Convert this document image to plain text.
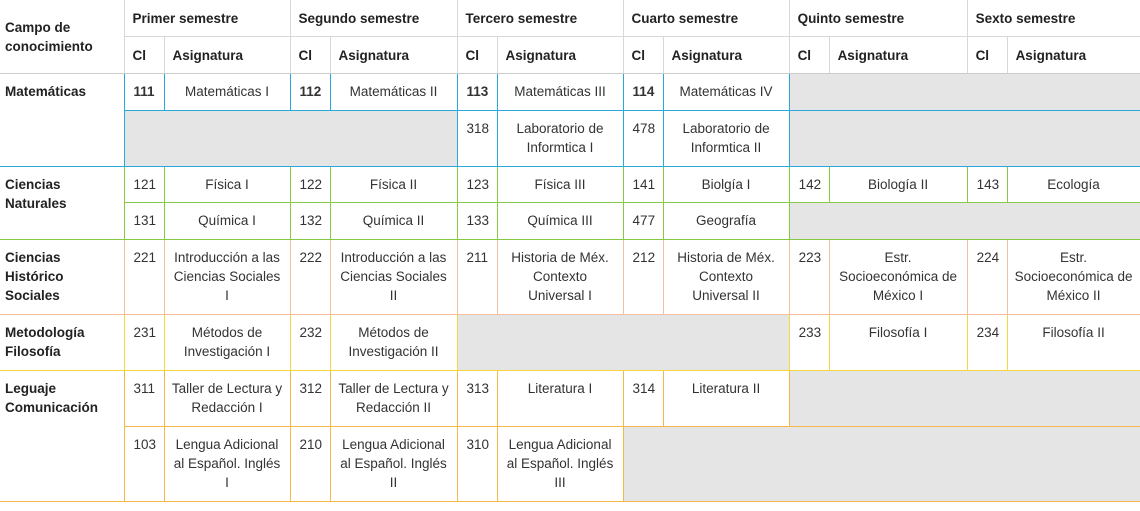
Campo de conocimiento	Primer semestre		Segundo semestre		Tercero semestre		Cuarto semestre		Quinto semestre		Sexto semestre	
	Cl	Asignatura	Cl	Asignatura	Cl	Asignatura	Cl	Asignatura	Cl	Asignatura	Cl	Asignatura
Matemáticas	111	Matemáticas I	112	Matemáticas II	113	Matemáticas III	114	Matemáticas IV				
					318	Laboratorio de Informtica I	478	Laboratorio de Informtica II				
Ciencias Naturales	121	Física I	122	Física II	123	Física III	141	Biolgía I	142	Biología II	143	Ecología
	131	Química I	132	Química II	133	Química III	477	Geografía				
Ciencias Histórico Sociales	221	Introducción a las Ciencias Sociales I	222	Introducción a las Ciencias Sociales II	211	Historia de Méx. Contexto Universal I	212	Historia de Méx. Contexto Universal II	223	Estr. Socioeconómica de México I	224	Estr. Socioeconómica de México II
Metodología Filosofía	231	Métodos de Investigación I	232	Métodos de Investigación II					233	Filosofía I	234	Filosofía II
Leguaje Comunicación	311	Taller de Lectura y Redacción I	312	Taller de Lectura y Redacción II	313	Literatura I	314	Literatura II				
	103	Lengua Adicional al Español. Inglés I	210	Lengua Adicional al Español. Inglés II	310	Lengua Adicional al Español. Inglés III						
